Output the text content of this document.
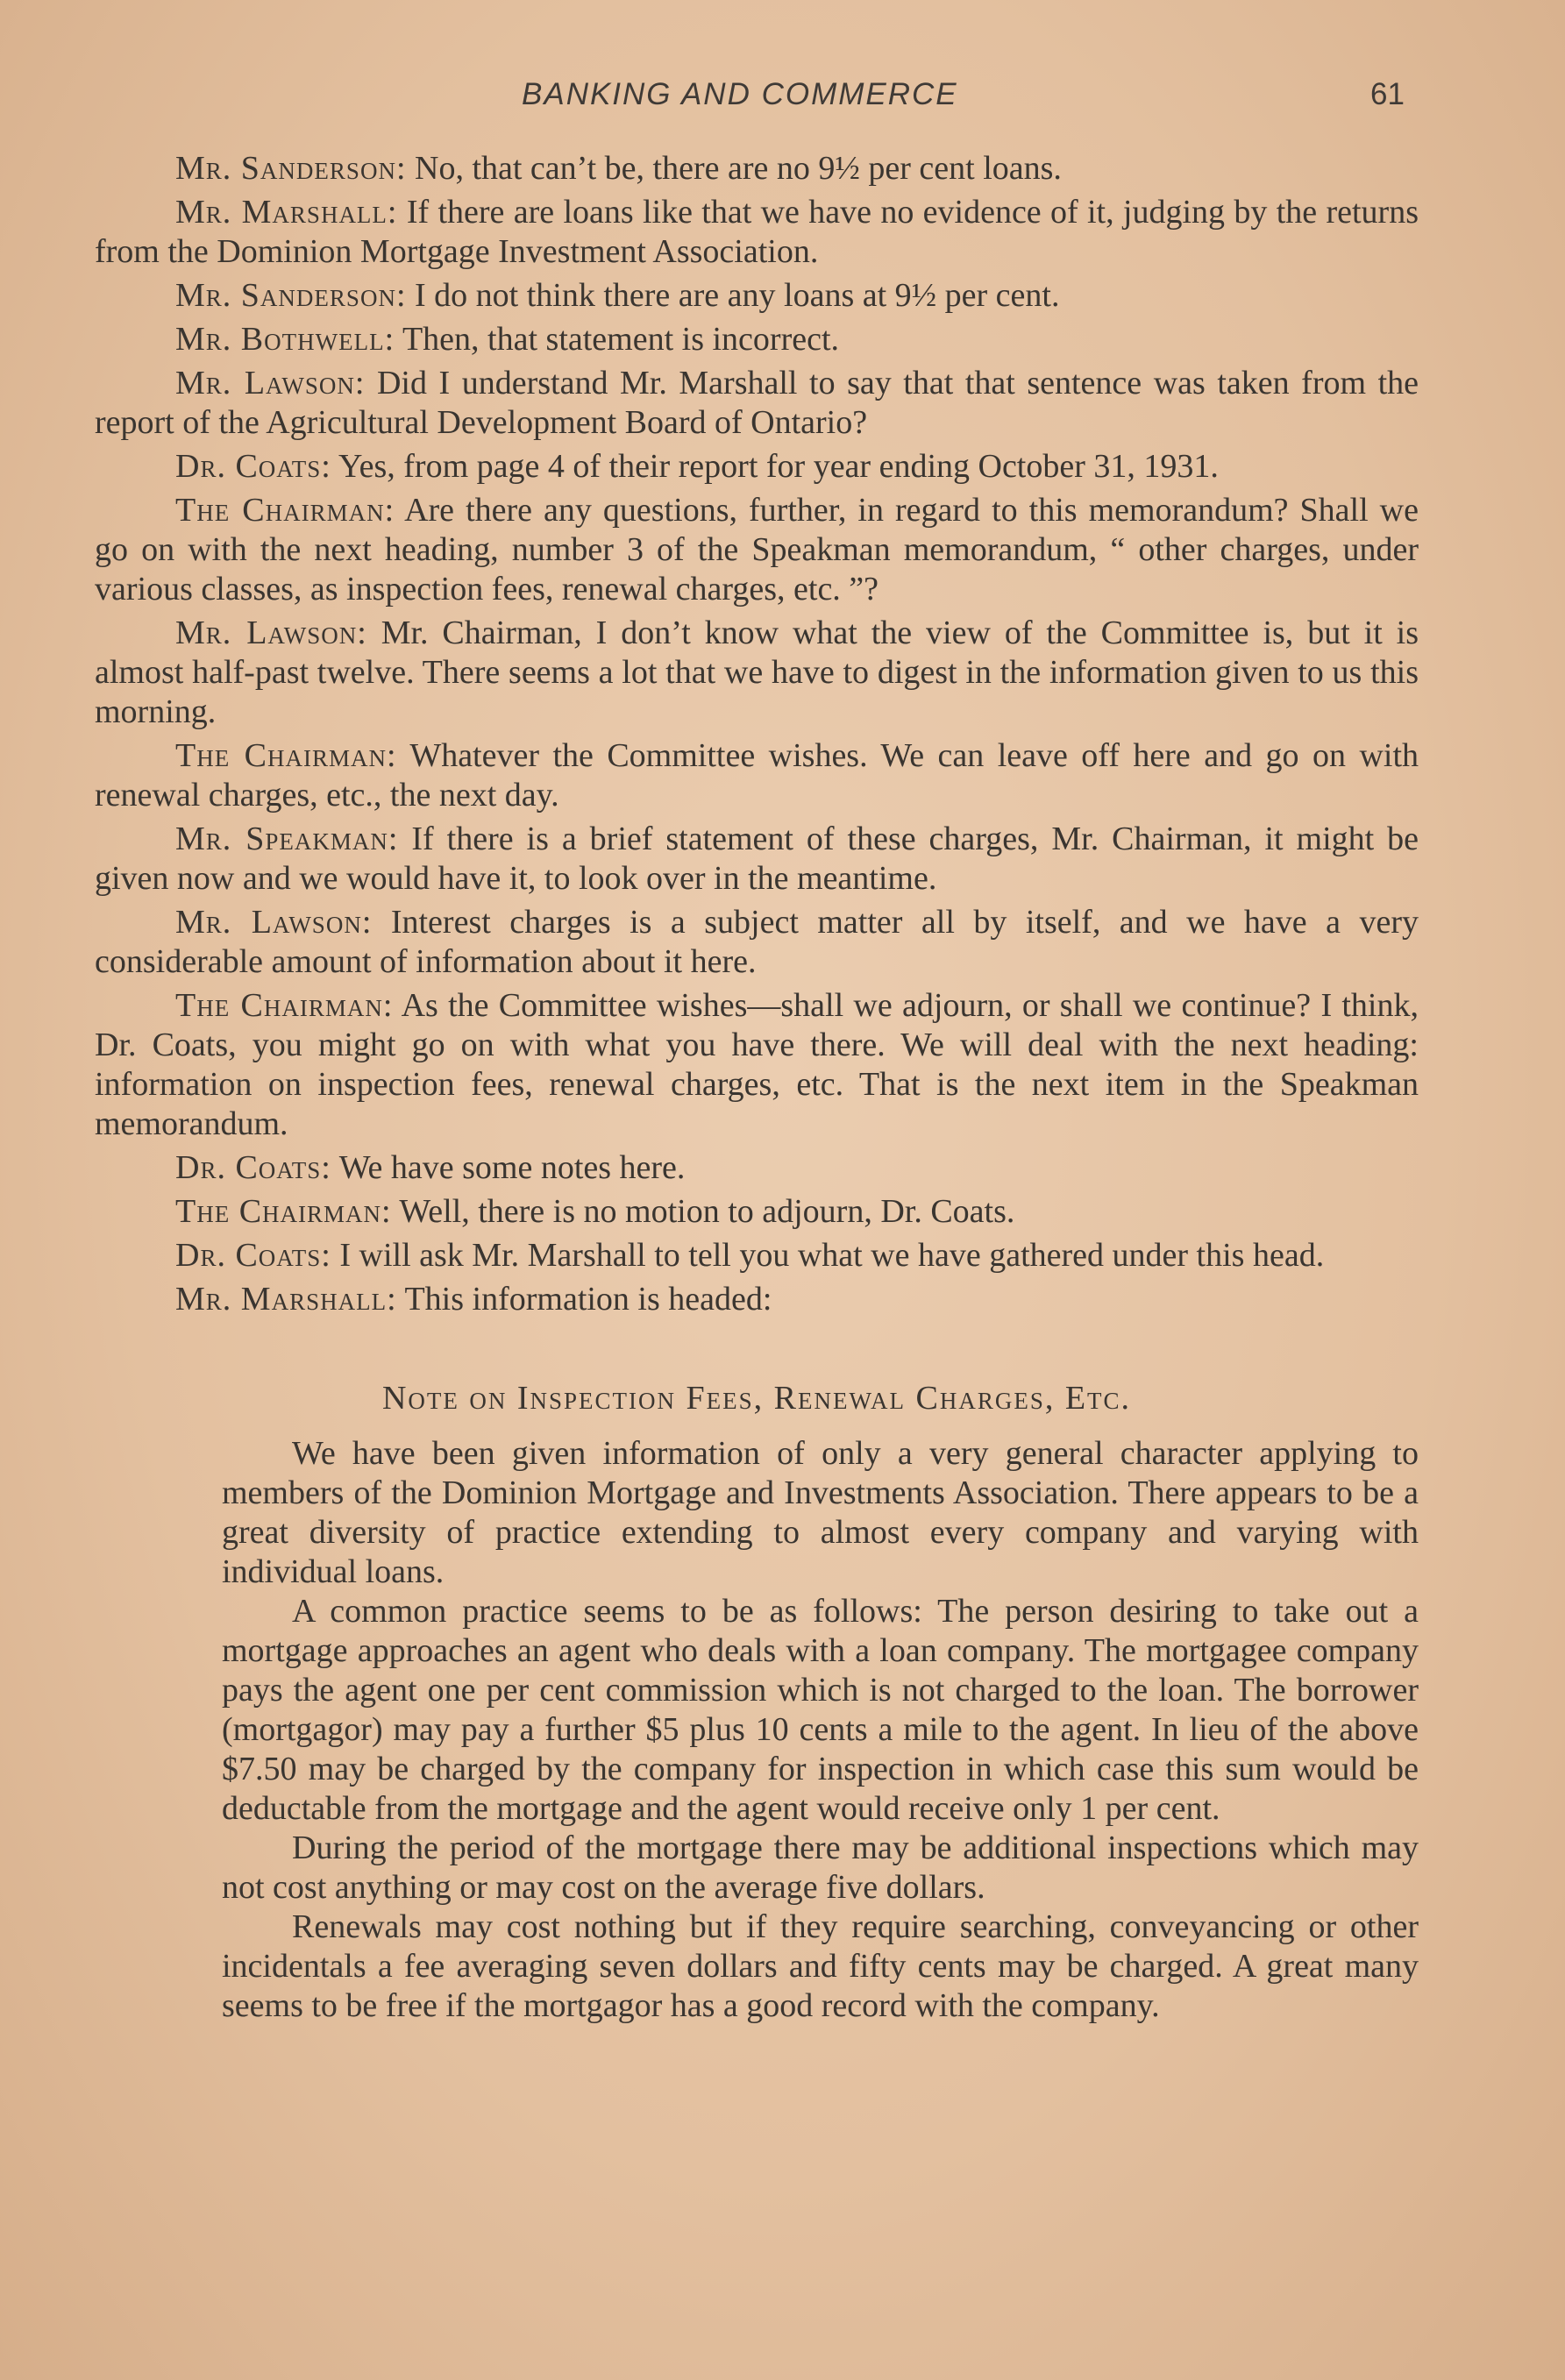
BANKING AND COMMERCE	61

Mr. Sanderson: No, that can’t be, there are no 9½ per cent loans.

Mr. Marshall: If there are loans like that we have no evidence of it, judging by the returns from the Dominion Mortgage Investment Association.

Mr. Sanderson: I do not think there are any loans at 9½ per cent.

Mr. Bothwell: Then, that statement is incorrect.

Mr. Lawson: Did I understand Mr. Marshall to say that that sentence was taken from the report of the Agricultural Development Board of Ontario?

Dr. Coats: Yes, from page 4 of their report for year ending October 31, 1931.

The Chairman: Are there any questions, further, in regard to this memorandum? Shall we go on with the next heading, number 3 of the Speakman memorandum, “ other charges, under various classes, as inspection fees, renewal charges, etc. ”?

Mr. Lawson: Mr. Chairman, I don’t know what the view of the Committee is, but it is almost half-past twelve. There seems a lot that we have to digest in the information given to us this morning.

The Chairman: Whatever the Committee wishes. We can leave off here and go on with renewal charges, etc., the next day.

Mr. Speakman: If there is a brief statement of these charges, Mr. Chairman, it might be given now and we would have it, to look over in the meantime.

Mr. Lawson: Interest charges is a subject matter all by itself, and we have a very considerable amount of information about it here.

The Chairman: As the Committee wishes—shall we adjourn, or shall we continue? I think, Dr. Coats, you might go on with what you have there. We will deal with the next heading: information on inspection fees, renewal charges, etc. That is the next item in the Speakman memorandum.

Dr. Coats: We have some notes here.

The Chairman: Well, there is no motion to adjourn, Dr. Coats.

Dr. Coats: I will ask Mr. Marshall to tell you what we have gathered under this head.

Mr. Marshall: This information is headed:

Note on Inspection Fees, Renewal Charges, Etc.

We have been given information of only a very general character applying to members of the Dominion Mortgage and Investments Association. There appears to be a great diversity of practice extending to almost every company and varying with individual loans.

A common practice seems to be as follows: The person desiring to take out a mortgage approaches an agent who deals with a loan company. The mortgagee company pays the agent one per cent commission which is not charged to the loan. The borrower (mortgagor) may pay a further $5 plus 10 cents a mile to the agent. In lieu of the above $7.50 may be charged by the company for inspection in which case this sum would be deductable from the mortgage and the agent would receive only 1 per cent.

During the period of the mortgage there may be additional inspections which may not cost anything or may cost on the average five dollars.

Renewals may cost nothing but if they require searching, conveyancing or other incidentals a fee averaging seven dollars and fifty cents may be charged. A great many seems to be free if the mortgagor has a good record with the company.
